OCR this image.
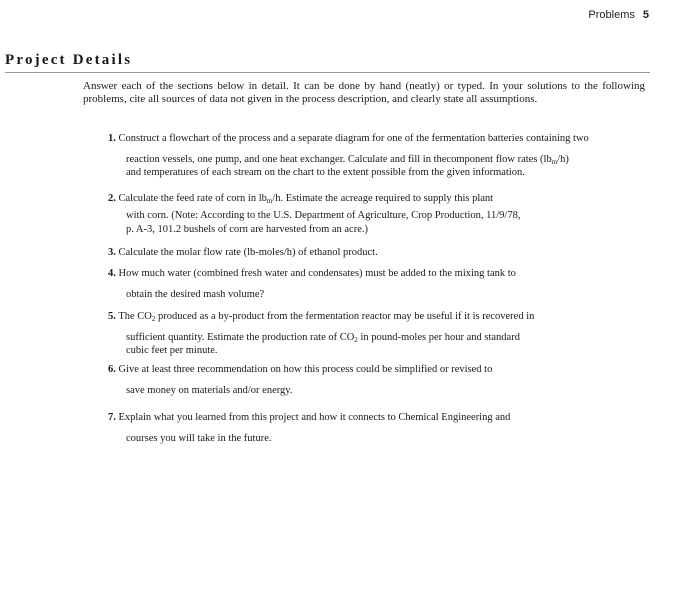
Problems 5
Project Details

Answer each of the sections below in detail. It can be done by hand (neatly) or typed. In your solutions to the following problems, cite all sources of data not given in the process description, and clearly state all assumptions.

1. Construct a flowchart of the process and a separate diagram for one of the fermentation batteries containing two
reaction vessels, one pump, and one heat exchanger. Calculate and fill in thecomponent flow rates $(lb_m/h)$
and temperatures of each stream on the chart to the extent possible from the given information.
2. Calculate the feed rate of corn in $lb_m/h$. Estimate the acreage required to supply this plant
with corn. (Note: According to the U.S. Department of Agriculture, Crop Production, 11/9/78,
p. A-3, 101.2 bushels of corn are harvested from an acre.)
3. Calculate the molar flow rate (lb-moles/h) of ethanol product.
4. How much water (combined fresh water and condensates) must be added to the mixing tank to
obtain the desired mash volume?
5. The $CO_2$ produced as a by-product from the fermentation reactor may be useful if it is recovered in
sufficient quantity. Estimate the production rate of $CO_2$ in pound-moles per hour and standard
cubic feet per minute.
6. Give at least three recommendation on how this process could be simplified or revised to
save money on materials and/or energy.
7. Explain what you learned from this project and how it connects to Chemical Engineering and
courses you will take in the future.
